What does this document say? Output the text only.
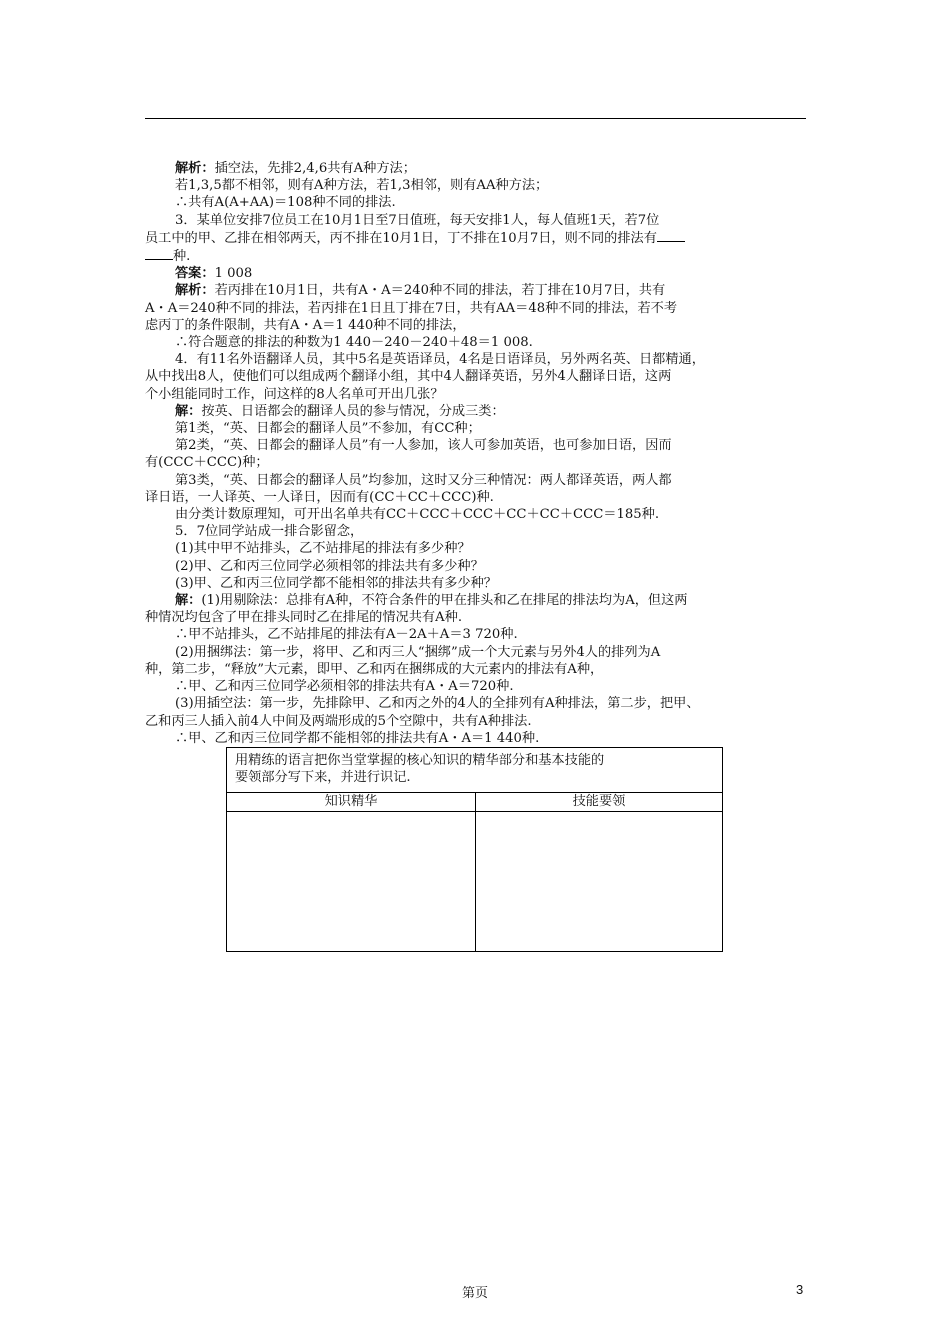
解析：插空法，先排2,4,6共有A种方法；

若1,3,5都不相邻，则有A种方法，若1,3相邻，则有AA种方法；

∴共有A(A+AA)＝108种不同的排法.

3．某单位安排7位员工在10月1日至7日值班，每天安排1人，每人值班1天，若7位

员工中的甲、乙排在相邻两天，丙不排在10月1日，丁不排在10月7日，则不同的排法有

种.

答案：1 008

解析：若丙排在10月1日，共有A・A＝240种不同的排法，若丁排在10月7日，共有

A・A＝240种不同的排法，若丙排在1日且丁排在7日，共有AA＝48种不同的排法，若不考

虑丙丁的条件限制，共有A・A＝1 440种不同的排法，

∴符合题意的排法的种数为1 440－240－240＋48＝1 008.

4．有11名外语翻译人员，其中5名是英语译员，4名是日语译员，另外两名英、日都精通，

从中找出8人，使他们可以组成两个翻译小组，其中4人翻译英语，另外4人翻译日语，这两

个小组能同时工作，问这样的8人名单可开出几张？

解：按英、日语都会的翻译人员的参与情况，分成三类：

第1类，“英、日都会的翻译人员”不参加，有CC种；

第2类，“英、日都会的翻译人员”有一人参加，该人可参加英语，也可参加日语，因而

有(CCC＋CCC)种；

第3类，“英、日都会的翻译人员”均参加，这时又分三种情况：两人都译英语，两人都

译日语，一人译英、一人译日，因而有(CC＋CC＋CCC)种.

由分类计数原理知，可开出名单共有CC＋CCC＋CCC＋CC＋CC＋CCC＝185种.

5．7位同学站成一排合影留念，

(1)其中甲不站排头，乙不站排尾的排法有多少种？

(2)甲、乙和丙三位同学必须相邻的排法共有多少种？

(3)甲、乙和丙三位同学都不能相邻的排法共有多少种？

解：(1)用剔除法：总排有A种，不符合条件的甲在排头和乙在排尾的排法均为A，但这两

种情况均包含了甲在排头同时乙在排尾的情况共有A种.

∴甲不站排头，乙不站排尾的排法有A－2A＋A＝3 720种.

(2)用捆绑法：第一步，将甲、乙和丙三人“捆绑”成一个大元素与另外4人的排列为A

种，第二步，“释放”大元素，即甲、乙和丙在捆绑成的大元素内的排法有A种，

∴甲、乙和丙三位同学必须相邻的排法共有A・A＝720种.

(3)用插空法：第一步，先排除甲、乙和丙之外的4人的全排列有A种排法，第二步，把甲、

乙和丙三人插入前4人中间及两端形成的5个空隙中，共有A种排法.

∴甲、乙和丙三位同学都不能相邻的排法共有A・A＝1 440种.

用精练的语言把你当堂掌握的核心知识的精华部分和基本技能的

要领部分写下来，并进行识记.

知识精华	技能要领
第页	3
